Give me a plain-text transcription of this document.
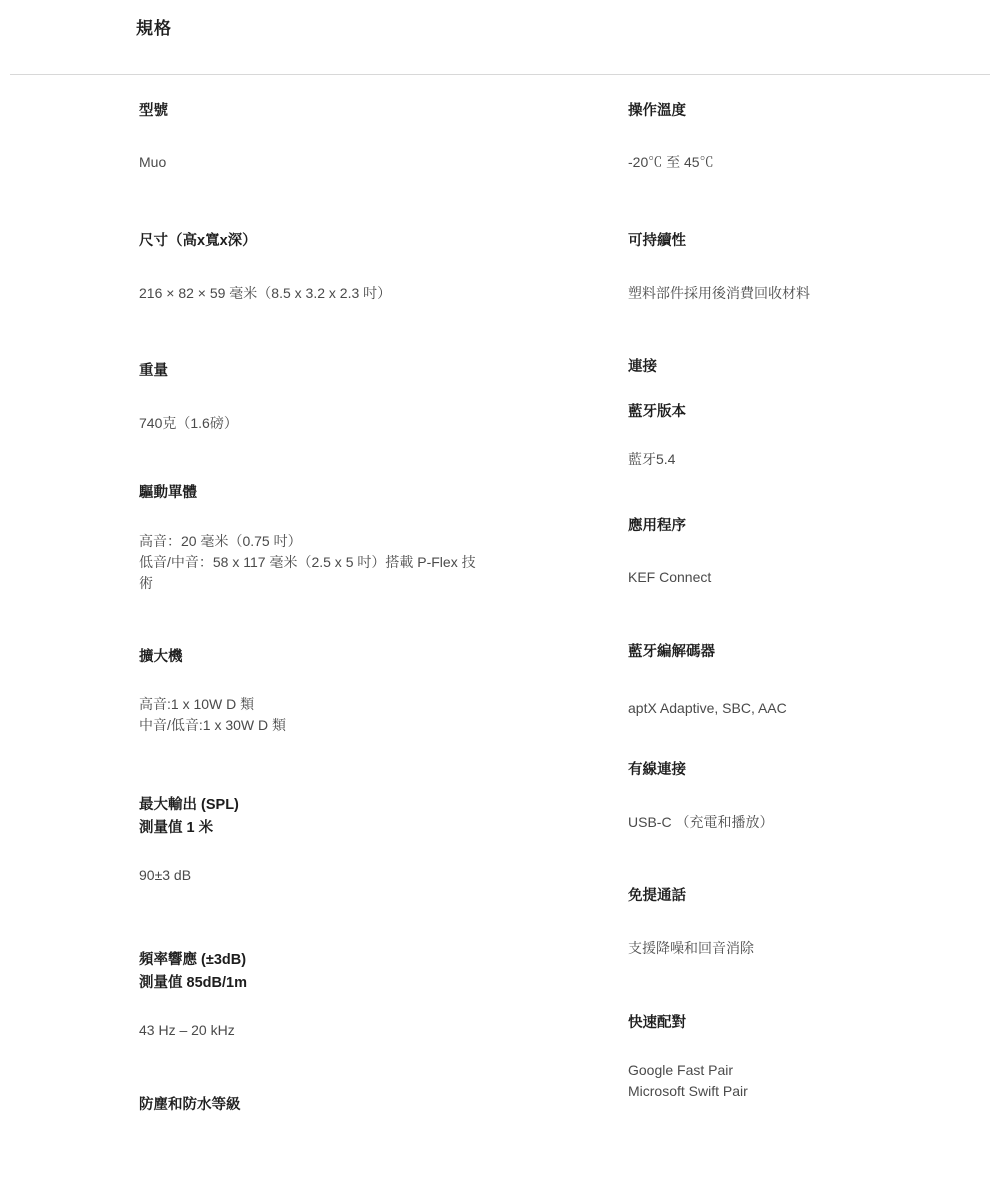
規格

型號

Muo

尺寸（高x寬x深）

216 × 82 × 59 毫米（8.5 x 3.2 x 2.3 吋）

重量

740克（1.6磅）

驅動單體

高音：20 毫米（0.75 吋）

低音/中音：58 x 117 毫米（2.5 x 5 吋）搭載 P-Flex 技術

擴大機

高音:1 x 10W D 類

中音/低音:1 x 30W D 類

最大輸出 (SPL)

測量值 1 米

90±3 dB

頻率響應 (±3dB)

測量值 85dB/1m

43 Hz – 20 kHz

防塵和防水等級

操作溫度

-20℃ 至 45℃

可持續性

塑料部件採用後消費回收材料

連接

藍牙版本

藍牙5.4

應用程序

KEF Connect

藍牙編解碼器

aptX Adaptive, SBC, AAC

有線連接

USB-C （充電和播放）

免提通話

支援降噪和回音消除

快速配對

Google Fast Pair

Microsoft Swift Pair
